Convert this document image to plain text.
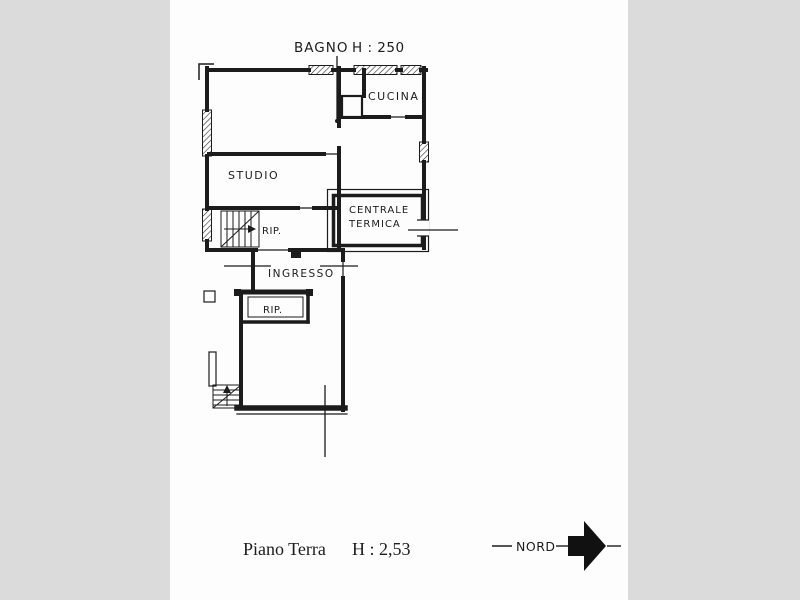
BAGNO H : 250
CUCINA
STUDIO
RIP.
CENTRALE
TERMICA
INGRESSO
RIP.
Piano Terra H : 2,53	NORD
